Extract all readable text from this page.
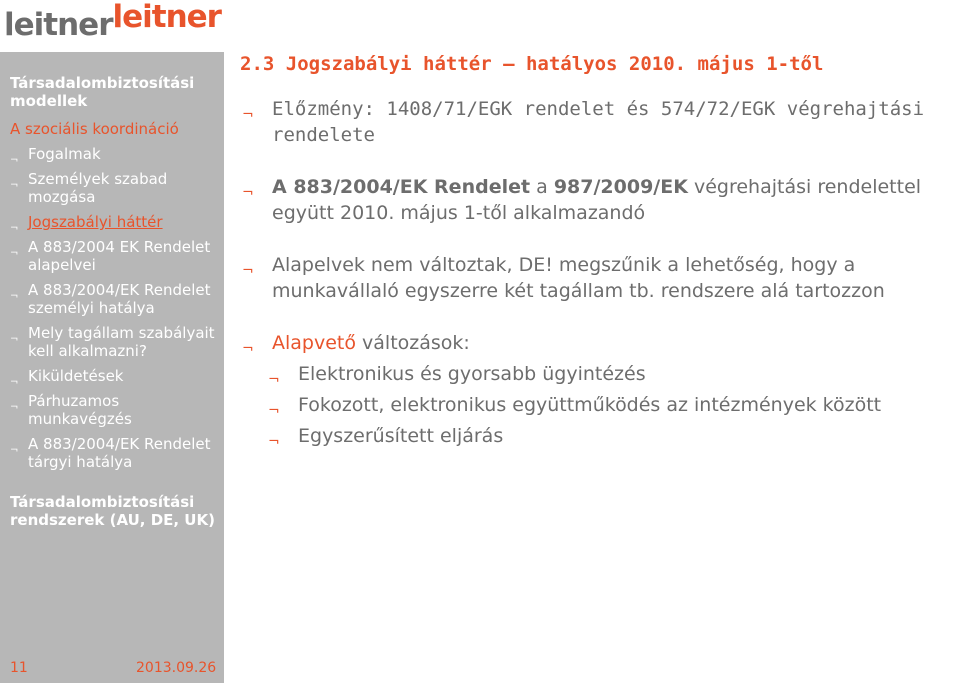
leitnerleitner
Társadalombiztosítási modellek
A szociális koordináció
¬ Fogalmak
¬ Személyek szabad mozgása
¬ Jogszabályi háttér
¬ A 883/2004 EK Rendelet alapelvei
¬ A 883/2004/EK Rendelet személyi hatálya
¬ Mely tagállam szabályait kell alkalmazni?
¬ Kiküldetések
¬ Párhuzamos munkavégzés
¬ A 883/2004/EK Rendelet tárgyi hatálya
Társadalombiztosítási rendszerek (AU, DE, UK)
11	2013.09.26
2.3 Jogszabályi háttér – hatályos 2010. május 1-től
¬ Előzmény: 1408/71/EGK rendelet és 574/72/EGK végrehajtási rendelete
¬ A 883/2004/EK Rendelet a 987/2009/EK végrehajtási rendelettel együtt 2010. május 1-től alkalmazandó
¬ Alapelvek nem változtak, DE! megszűnik a lehetőség, hogy a munkavállaló egyszerre két tagállam tb. rendszere alá tartozzon
¬ Alapvető változások:
¬ Elektronikus és gyorsabb ügyintézés
¬ Fokozott, elektronikus együttműködés az intézmények között
¬ Egyszerűsített eljárás
